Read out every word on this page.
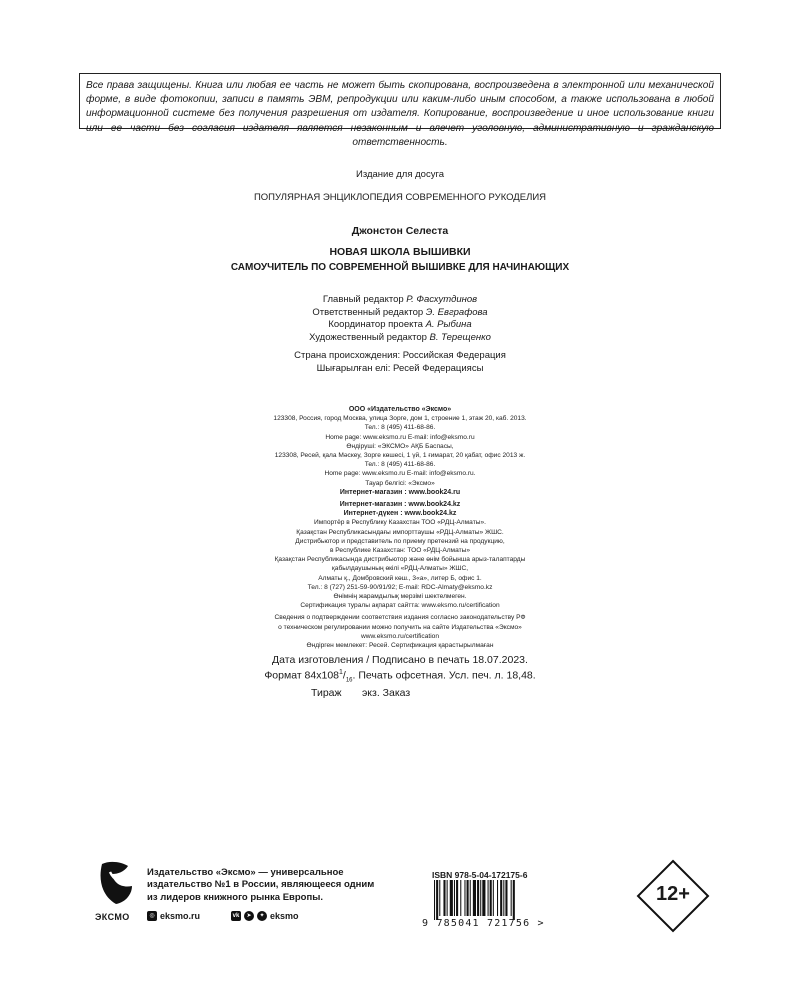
Все права защищены. Книга или любая ее часть не может быть скопирована, воспроизведена в электронной или механической форме, в виде фотокопии, записи в память ЭВМ, репродукции или каким-либо иным способом, а также использована в любой информационной системе без получения разрешения от издателя. Копирование, воспроизведение и иное использование книги или ее части без согласия издателя является незаконным и влечет уголовную, административную и гражданскую ответственность.
Издание для досуга
ПОПУЛЯРНАЯ ЭНЦИКЛОПЕДИЯ СОВРЕМЕННОГО РУКОДЕЛИЯ
Джонстон Селеста
НОВАЯ ШКОЛА ВЫШИВКИ
САМОУЧИТЕЛЬ ПО СОВРЕМЕННОЙ ВЫШИВКЕ ДЛЯ НАЧИНАЮЩИХ
Главный редактор Р. Фасхутдинов
Ответственный редактор Э. Евграфова
Координатор проекта А. Рыбина
Художественный редактор В. Терещенко
Страна происхождения: Российская Федерация
Шығарылған елі: Ресей Федерациясы
ООО «Издательство «Эксмо»
123308, Россия, город Москва, улица Зорге, дом 1, строение 1, этаж 20, каб. 2013.
Тел.: 8 (495) 411-68-86.
Home page: www.eksmo.ru E-mail: info@eksmo.ru
Өндіруші: «ЭКСМО» АҚБ Баспасы,
123308, Ресей, қала Мәскеу, Зорге көшесі, 1 үй, 1 ғимарат, 20 қабат, офис 2013 ж.
Тел.: 8 (495) 411-68-86.
Home page: www.eksmo.ru E-mail: info@eksmo.ru.
Тауар белгісі: «Эксмо»
Интернет-магазин : www.book24.ru
Интернет-магазин : www.book24.kz
Интернет-дүкен : www.book24.kz
Импортёр в Республику Казахстан ТОО «РДЦ-Алматы».
Қазақстан Республикасындағы импорттаушы «РДЦ-Алматы» ЖШС.
Дистрибьютор и представитель по приему претензий на продукцию,
в Республике Казахстан: ТОО «РДЦ-Алматы»
Қазақстан Республикасында дистрибьютор және өнім бойынша арыз-талаптарды
қабылдаушының өкілі «РДЦ-Алматы» ЖШС,
Алматы қ., Домбровский көш., 3«а», литер Б, офис 1.
Тел.: 8 (727) 251-59-90/91/92; E-mail: RDC-Almaty@eksmo.kz
Өнімнің жарамдылық мерзімі шектелмеген.
Сертификация туралы ақпарат сайтта: www.eksmo.ru/certification
Сведения о подтверждении соответствия издания согласно законодательству РФ
о техническом регулировании можно получить на сайте Издательства «Эксмо»
www.eksmo.ru/certification
Өндірген мемлекет: Ресей. Сертификация қарастырылмаған
Дата изготовления / Подписано в печать 18.07.2023.
Формат $84x108^1/_{16}$. Печать офсетная. Усл. печ. л. 18,48.
Тираж       экз. Заказ
ЭКСМО
Издательство «Эксмо» — универсальное издательство №1 в России, являющееся одним из лидеров книжного рынка Европы.
◎ eksmo.ru	vk	➤	✦ eksmo
ISBN 978-5-04-172175-6
9 785041 721756 >
12+
